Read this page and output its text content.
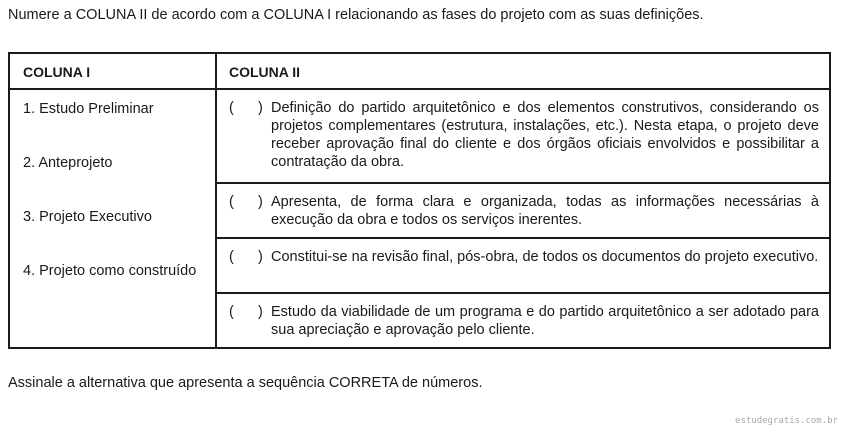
Numere a COLUNA II de acordo com a COLUNA I relacionando as fases do projeto com as suas definições.
COLUNA I	COLUNA II
1. Estudo Preliminar
2. Anteprojeto
3. Projeto Executivo
4. Projeto como construído
(      ) Definição do partido arquitetônico e dos elementos construtivos, considerando os projetos complementares (estrutura, instalações, etc.). Nesta etapa, o projeto deve receber aprovação final do cliente e dos órgãos oficiais envolvidos e possibilitar a contratação da obra.
(      ) Apresenta, de forma clara e organizada, todas as informações necessárias à execução da obra e todos os serviços inerentes.
(      ) Constitui-se na revisão final, pós-obra, de todos os documentos do projeto executivo.
(      ) Estudo da viabilidade de um programa e do partido arquitetônico a ser adotado para sua apreciação e aprovação pelo cliente.
Assinale a alternativa que apresenta a sequência CORRETA de números.
estudegratis.com.br
